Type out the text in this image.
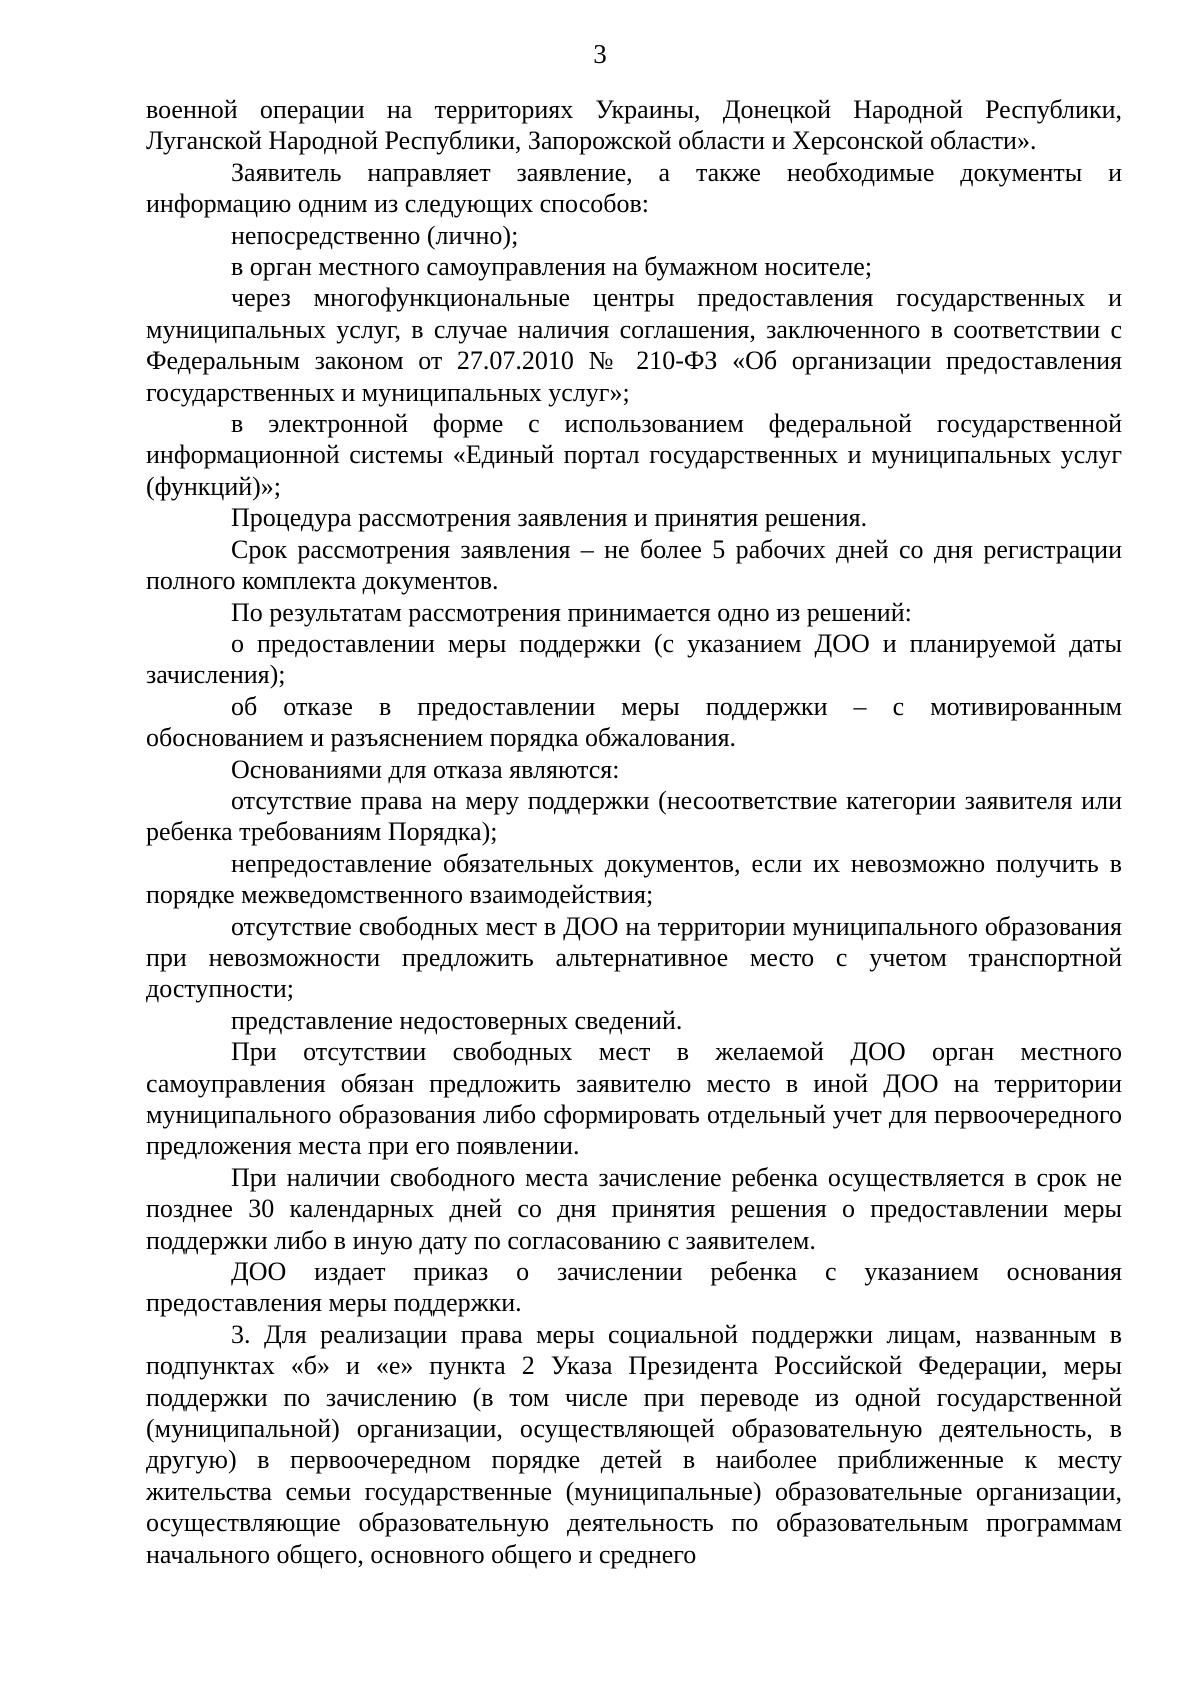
3

военной операции на территориях Украины, Донецкой Народной Республики, Луганской Народной Республики, Запорожской области и Херсонской области».

Заявитель направляет заявление, а также необходимые документы и информацию одним из следующих способов:

непосредственно (лично);

в орган местного самоуправления на бумажном носителе;

через многофункциональные центры предоставления государственных и муниципальных услуг, в случае наличия соглашения, заключенного в соответствии с Федеральным законом от 27.07.2010 № 210-ФЗ «Об организации предоставления государственных и муниципальных услуг»;

в электронной форме с использованием федеральной государственной информационной системы «Единый портал государственных и муниципальных услуг (функций)»;

Процедура рассмотрения заявления и принятия решения.

Срок рассмотрения заявления – не более 5 рабочих дней со дня регистрации полного комплекта документов.

По результатам рассмотрения принимается одно из решений:

о предоставлении меры поддержки (с указанием ДОО и планируемой даты зачисления);

об отказе в предоставлении меры поддержки – с мотивированным обоснованием и разъяснением порядка обжалования.

Основаниями для отказа являются:

отсутствие права на меру поддержки (несоответствие категории заявителя или ребенка требованиям Порядка);

непредоставление обязательных документов, если их невозможно получить в порядке межведомственного взаимодействия;

отсутствие свободных мест в ДОО на территории муниципального образования при невозможности предложить альтернативное место с учетом транспортной доступности;

представление недостоверных сведений.

При отсутствии свободных мест в желаемой ДОО орган местного самоуправления обязан предложить заявителю место в иной ДОО на территории муниципального образования либо сформировать отдельный учет для первоочередного предложения места при его появлении.

При наличии свободного места зачисление ребенка осуществляется в срок не позднее 30 календарных дней со дня принятия решения о предоставлении меры поддержки либо в иную дату по согласованию с заявителем.

ДОО издает приказ о зачислении ребенка с указанием основания предоставления меры поддержки.

3. Для реализации права меры социальной поддержки лицам, названным в подпунктах «б» и «е» пункта 2 Указа Президента Российской Федерации, меры поддержки по зачислению (в том числе при переводе из одной государственной (муниципальной) организации, осуществляющей образовательную деятельность, в другую) в первоочередном порядке детей в наиболее приближенные к месту жительства семьи государственные (муниципальные) образовательные организации, осуществляющие образовательную деятельность по образовательным программам начального общего, основного общего и среднего
